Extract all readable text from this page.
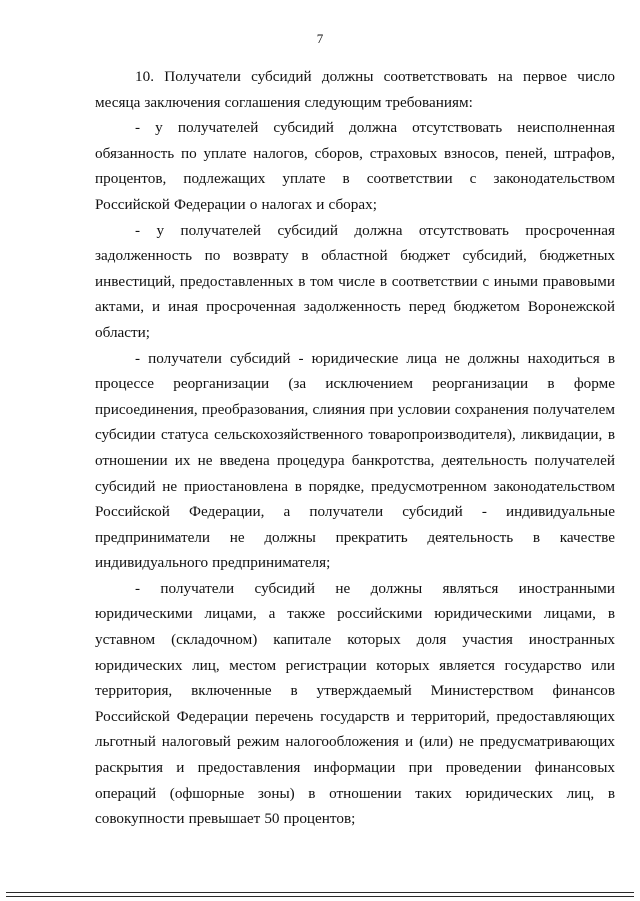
7

10. Получатели субсидий должны соответствовать на первое число месяца заключения соглашения следующим требованиям:

- у получателей субсидий должна отсутствовать неисполненная обязанность по уплате налогов, сборов, страховых взносов, пеней, штрафов, процентов, подлежащих уплате в соответствии с законодательством Российской Федерации о налогах и сборах;

- у получателей субсидий должна отсутствовать просроченная задолженность по возврату в областной бюджет субсидий, бюджетных инвестиций, предоставленных в том числе в соответствии с иными правовыми актами, и иная просроченная задолженность перед бюджетом Воронежской области;

- получатели субсидий - юридические лица не должны находиться в процессе реорганизации (за исключением реорганизации в форме присоединения, преобразования, слияния при условии сохранения получателем субсидии статуса сельскохозяйственного товаропроизводителя), ликвидации, в отношении их не введена процедура банкротства, деятельность получателей субсидий не приостановлена в порядке, предусмотренном законодательством Российской Федерации, а получатели субсидий - индивидуальные предприниматели не должны прекратить деятельность в качестве индивидуального предпринимателя;

- получатели субсидий не должны являться иностранными юридическими лицами, а также российскими юридическими лицами, в уставном (складочном) капитале которых доля участия иностранных юридических лиц, местом регистрации которых является государство или территория, включенные в утверждаемый Министерством финансов Российской Федерации перечень государств и территорий, предоставляющих льготный налоговый режим налогообложения и (или) не предусматривающих раскрытия и предоставления информации при проведении финансовых операций (офшорные зоны) в отношении таких юридических лиц, в совокупности превышает 50 процентов;
